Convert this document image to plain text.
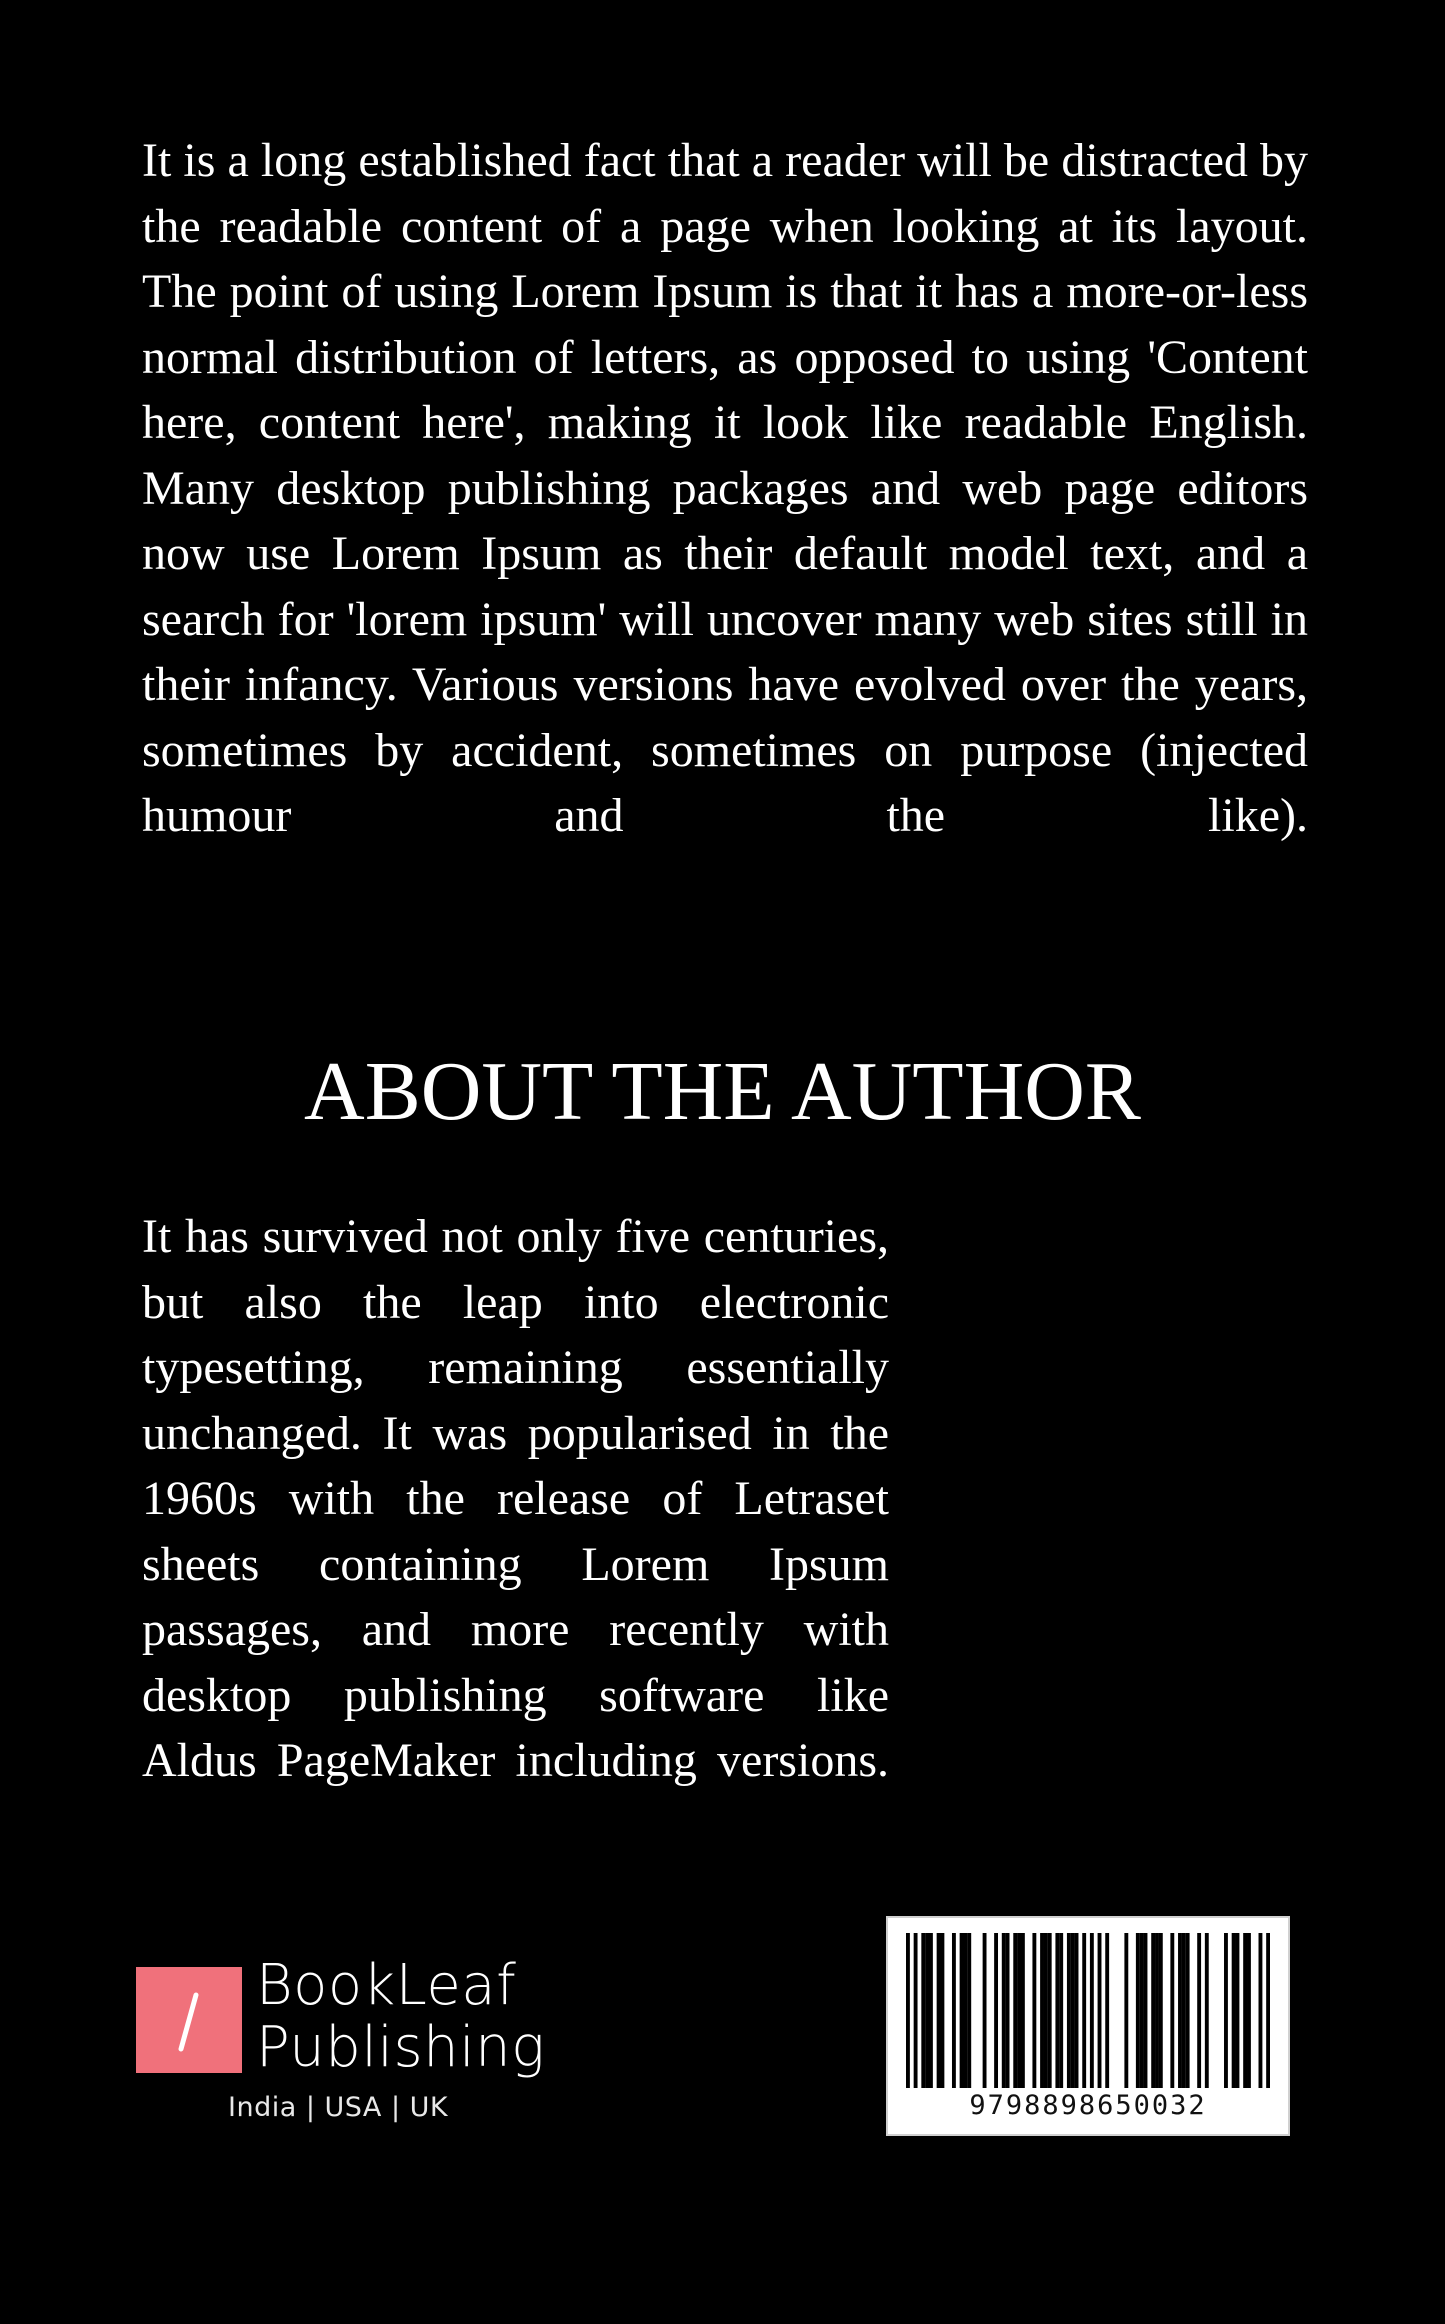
It is a long established fact that a reader will be distracted by the readable content of a page when looking at its layout. The point of using Lorem Ipsum is that it has a more-or-less normal distribution of letters, as opposed to using 'Content here, content here', making it look like readable English. Many desktop publishing packages and web page editors now use Lorem Ipsum as their default model text, and a search for 'lorem ipsum' will uncover many web sites still in their infancy. Various versions have evolved over the years, sometimes by accident, sometimes on purpose (injected humour and the like).

ABOUT THE AUTHOR

It has survived not only five centuries, but also the leap into electronic typesetting, remaining essentially unchanged. It was popularised in the 1960s with the release of Letraset sheets containing Lorem Ipsum passages, and more recently with desktop publishing software like Aldus PageMaker including versions.

BookLeaf
Publishing
India | USA | UK	9798898650032
